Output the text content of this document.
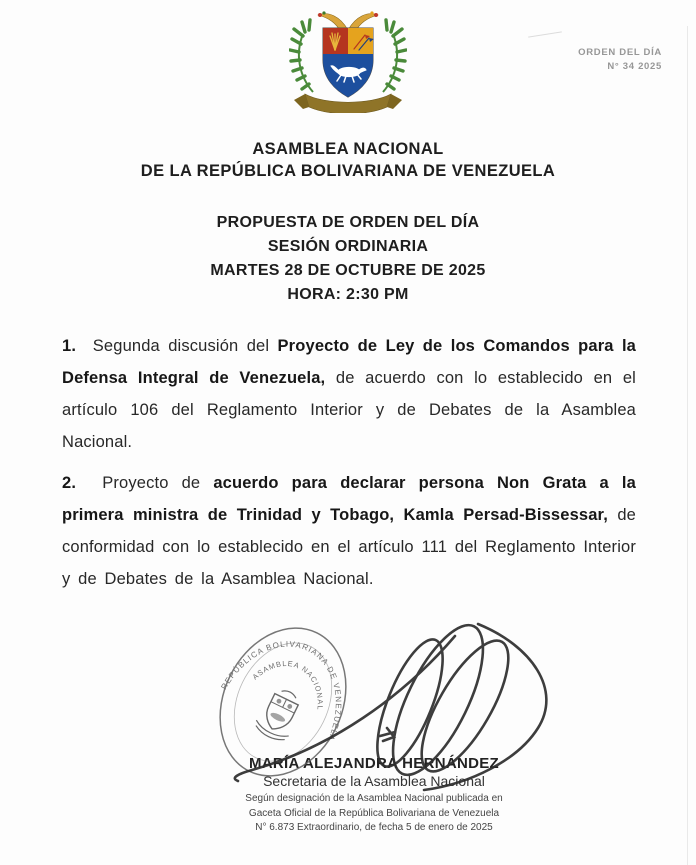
ORDEN DEL DÍA
N° 34 2025
ASAMBLEA NACIONAL
DE LA REPÚBLICA BOLIVARIANA DE VENEZUELA
PROPUESTA DE ORDEN DEL DÍA
SESIÓN ORDINARIA
MARTES 28 DE OCTUBRE DE 2025
HORA: 2:30 PM

1. Segunda discusión del Proyecto de Ley de los Comandos para la Defensa Integral de Venezuela, de acuerdo con lo establecido en el artículo 106 del Reglamento Interior y de Debates de la Asamblea Nacional.

2. Proyecto de acuerdo para declarar persona Non Grata a la primera ministra de Trinidad y Tobago, Kamla Persad-Bissessar, de conformidad con lo establecido en el artículo 111 del Reglamento Interior y de Debates de la Asamblea Nacional.

MARÍA ALEJANDRA HERNÁNDEZ
Secretaria de la Asamblea Nacional
Según designación de la Asamblea Nacional publicada en
Gaceta Oficial de la República Bolivariana de Venezuela
N° 6.873 Extraordinario, de fecha 5 de enero de 2025
REPÚBLICA BOLIVARIANA DE VENEZUELA
ASAMBLEA NACIONAL
